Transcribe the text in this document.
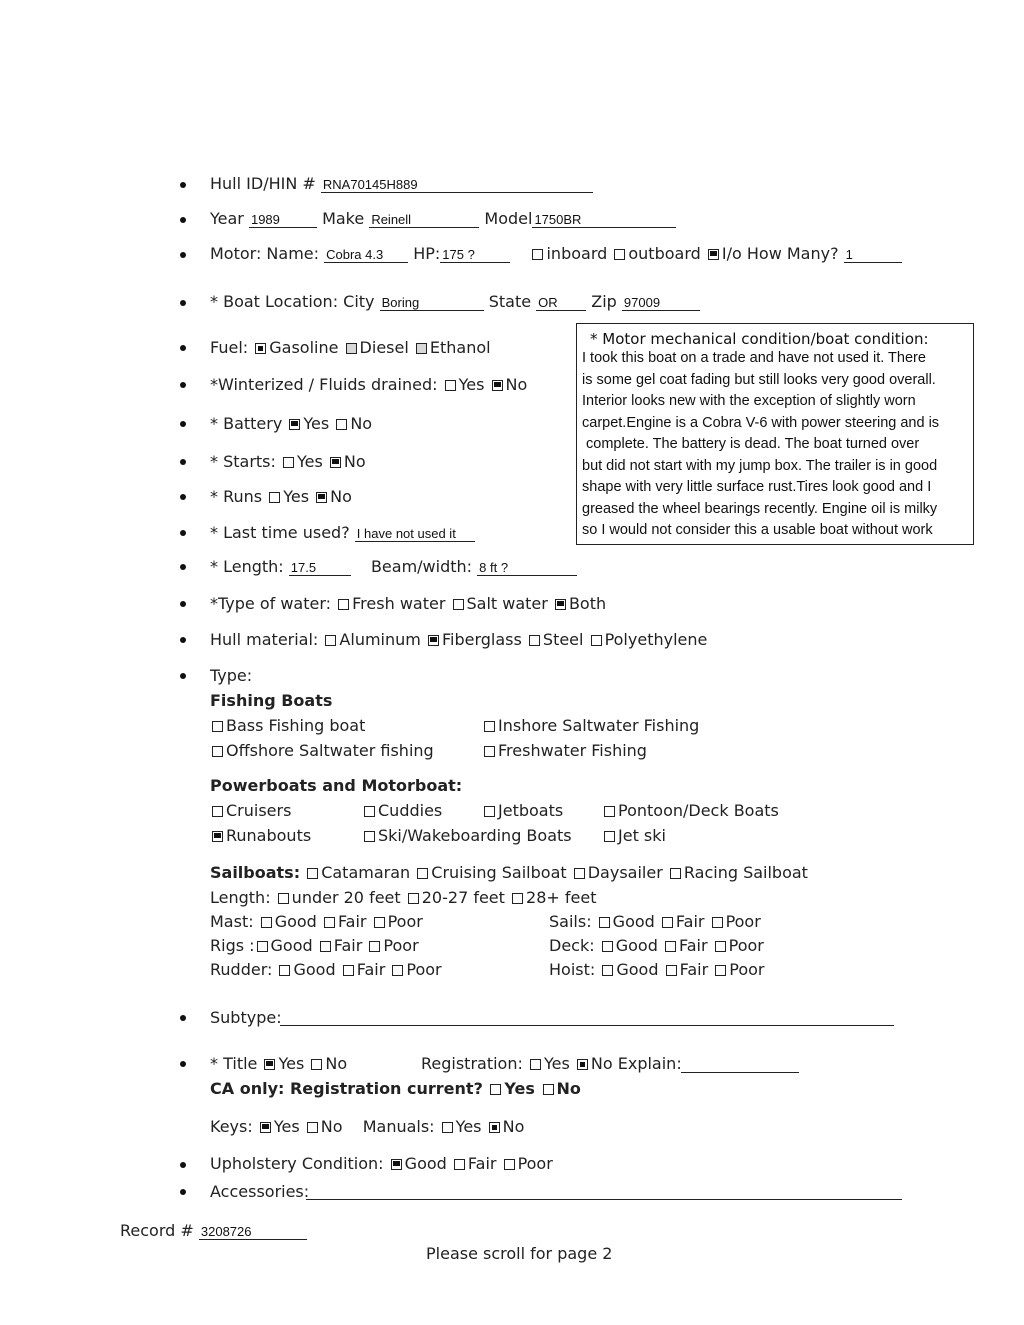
Hull ID/HIN # RNA70145H889
Year 1989	Make Reinell	Model 1750BR
Motor: Name: Cobra 4.3 HP: 175 ?	inboard outboard I/o How Many? 1
* Boat Location: City Boring	State OR Zip 97009
Fuel: Gasoline Diesel Ethanol
*Winterized / Fluids drained: Yes No
* Battery Yes No
* Starts: Yes No
* Runs Yes No
* Last time used? I have not used it
* Length: 17.5	Beam/width: 8 ft ?
* Motor mechanical condition/boat condition:
I took this boat on a trade and have not used it. There
is some gel coat fading but still looks very good overall.
Interior looks new with the exception of slightly worn
carpet.Engine is a Cobra V-6 with power steering and is
complete. The battery is dead. The boat turned over
but did not start with my jump box. The trailer is in good
shape with very little surface rust.Tires look good and I
greased the wheel bearings recently. Engine oil is milky
so I would not consider this a usable boat without work
*Type of water: Fresh water Salt water Both
Hull material: Aluminum Fiberglass Steel Polyethylene
Type:
Fishing Boats
Bass Fishing boat	Inshore Saltwater Fishing
Offshore Saltwater fishing	Freshwater Fishing
Powerboats and Motorboat:
Cruisers	Cuddies	Jetboats	Pontoon/Deck Boats
Runabouts	Ski/Wakeboarding Boats	Jet ski
Sailboats: Catamaran Cruising Sailboat Daysailer Racing Sailboat
Length: under 20 feet 20-27 feet 28+ feet
Mast: Good Fair Poor	Sails: Good Fair Poor
Rigs : Good Fair Poor	Deck: Good Fair Poor
Rudder: Good Fair Poor	Hoist: Good Fair Poor
Subtype:
* Title Yes No	Registration: Yes No Explain:
CA only: Registration current? Yes No
Keys: Yes No Manuals: Yes No
Upholstery Condition: Good Fair Poor
Accessories:
Record # 3208726
Please scroll for page 2
